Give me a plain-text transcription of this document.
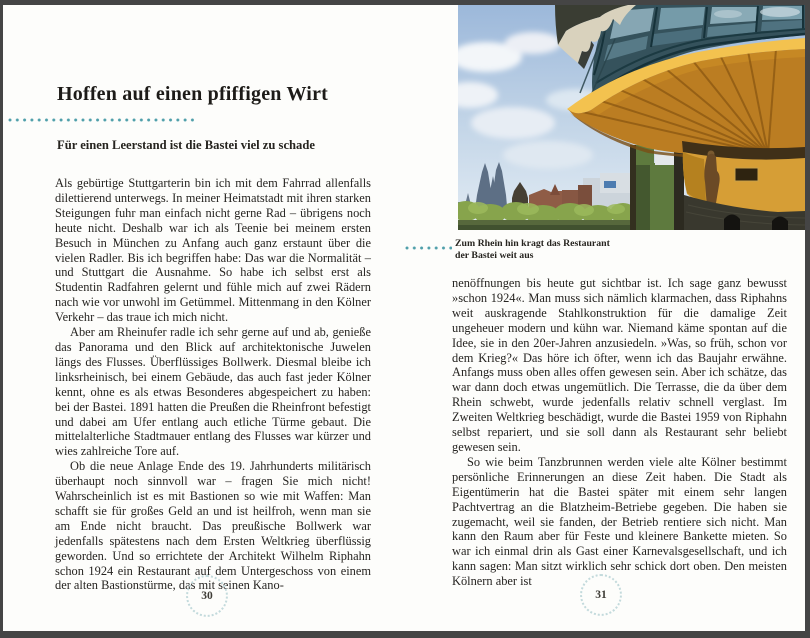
Hoffen auf einen pfiffigen Wirt
Für einen Leerstand ist die Bastei viel zu schade

Als gebürtige Stuttgarterin bin ich mit dem Fahrrad allenfalls dilettierend unterwegs. In meiner Heimatstadt mit ihren starken Steigungen fuhr man einfach nicht gerne Rad – übrigens noch heute nicht. Deshalb war ich als Teenie bei meinem ersten Besuch in München zu Anfang auch ganz erstaunt über die vielen Radler. Bis ich begriffen habe: Das war die Normalität – und Stuttgart die Ausnahme. So habe ich selbst erst als Studentin Radfahren gelernt und fühle mich auf zwei Rädern nach wie vor unwohl im Getümmel. Mittenmang in den Kölner Verkehr – das traue ich mich nicht.

Aber am Rheinufer radle ich sehr gerne auf und ab, genieße das Panorama und den Blick auf architektonische Juwelen längs des Flusses. Überflüssiges Bollwerk. Diesmal bleibe ich linksrheinisch, bei einem Gebäude, das auch fast jeder Kölner kennt, ohne es als etwas Besonderes abgespeichert zu haben: bei der Bastei. 1891 hatten die Preußen die Rheinfront befestigt und dabei am Ufer entlang auch etliche Türme gebaut. Die mittelalterliche Stadtmauer entlang des Flusses war kürzer und wies zahlreiche Tore auf.

Ob die neue Anlage Ende des 19. Jahrhunderts militärisch überhaupt noch sinnvoll war – fragen Sie mich nicht! Wahrscheinlich ist es mit Bastionen so wie mit Waffen: Man schafft sie für großes Geld an und ist heilfroh, wenn man sie am Ende nicht braucht. Das preußische Bollwerk war jedenfalls spätestens nach dem Ersten Weltkrieg überflüssig geworden. Und so errichtete der Architekt Wilhelm Riphahn schon 1924 ein Restaurant auf dem Untergeschoss von einem der alten Bastionstürme, das mit seinen Kano-

30
Zum Rhein hin kragt das Restaurant
der Bastei weit aus

nenöffnungen bis heute gut sichtbar ist. Ich sage ganz bewusst »schon 1924«. Man muss sich nämlich klarmachen, dass Riphahns weit auskragende Stahlkonstruktion für die damalige Zeit ungeheuer modern und kühn war. Niemand käme spontan auf die Idee, sie in den 20er-Jahren anzusiedeln. »Was, so früh, schon vor dem Krieg?« Das höre ich öfter, wenn ich das Baujahr erwähne. Anfangs muss oben alles offen gewesen sein. Aber ich schätze, das war dann doch etwas ungemütlich. Die Terrasse, die da über dem Rhein schwebt, wurde jedenfalls relativ schnell verglast. Im Zweiten Weltkrieg beschädigt, wurde die Bastei 1959 von Riphahn selbst repariert, und sie soll dann als Restaurant sehr beliebt gewesen sein.

So wie beim Tanzbrunnen werden viele alte Kölner bestimmt persönliche Erinnerungen an diese Zeit haben. Die Stadt als Eigentümerin hat die Bastei später mit einem sehr langen Pachtvertrag an die Blatzheim-Betriebe gegeben. Die haben sie zugemacht, weil sie fanden, der Betrieb rentiere sich nicht. Man kann den Raum aber für Feste und kleinere Bankette mieten. So war ich einmal drin als Gast einer Karnevalsgesellschaft, und ich kann sagen: Man sitzt wirklich sehr schick dort oben. Den meisten Kölnern aber ist

31
